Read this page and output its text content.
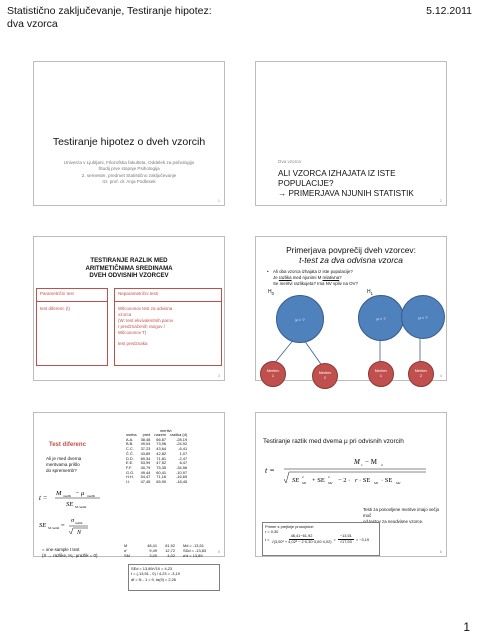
Statistično zaključevanje, Testiranje hipotez:
dva vzorca
5.12.2011
Testiranje hipotez o dveh vzorcih
Univerza v Ljubljani, Filozofska fakulteta, Oddelek za psihologijo
Študij prve stopnje Psihologija
2. semester, predmet Statistično zaključevanje
Izr. prof. dr. Anja Podlesek
1
Dva vzorca
ALI VZORCA IZHAJATA IZ ISTE
POPULACIJE?
→ PRIMERJAVA NJUNIH STATISTIK
2
TESTIRANJE RAZLIK MED
ARITMETIČNIMA SREDINAMA
DVEH ODVISNIH VZORCEV
Parametrični test
test diferenc (t)
Neparametrični testi
Wilcoxonov test za odvisna
vzorca
(W: test ekvivalentnih parov
/ predznačenih rangov /
Wilcoxonov T)
test predznaka
3
Primerjava povprečij dveh vzorcev:
t-test za dva odvisna vzorca
• Ali oba vzorca izhajata iz iste populacije?
Je razlika med njunimi M relativna?
Se meritvi razlikujeta? Ima NV vpliv na OV?
$H_0$	$H_1$
μ = ?	μ = ?	μ = ?
Meritev
1
Meritev
2
Meritev
1
Meritev
2	4
Test diferenc
Ali je med dvema
meritvama prišlo
do sprememb?
t =
M razlik − μ razlik
SE M razlik
SE M razlik =
σ razlik
N
= one-sample t test
(X → razlike, H₀: μrazlik = 0)
meritvi
oseba	pred	nazem	razlika (d)
A.A.	38,48	66,67	-28,19
B.B.	49,04	73,96	-24,92
C.C.	37,23	43,64	-6,41
Č.Č.	43,89	42,82	1,07
D.D.	69,34	71,81	-2,47
E.E.	53,99	47,52	6,47
F.F.	40,79	75,35	-34,56
G.G.	49,44	60,41	-10,97
H.H.	54,47	71,16	-16,69
I.I.	47,45	65,90	-18,45
M	48,41 61,92 Md = -13,51
σ'	9,49 12,72 SDd = -13,83
SM	3,00	4,02 σ'd = 13,89
SEd = 13,89/√10 = 4,23
t = (-13,51 - 0) / 4,23 = -3,19
df = N - 1 = 9, tα(9) = 2,26
5
Testiranje razlik med dvema μ pri odvisnih vzorcih
t =
M 1 − M 2
SE M1
2 + SE M2
2 − 2 · r · SE	M1 · SE	M2
Testi za ponovljene meritve imajo večjo moč
od testov za neodvisne vzorce.
Primer s prejšnje prosojnice:
r = 0,30
$t = \frac{48,41-61,92}{\text{√(3,00² + 4,02² − 2·0,30·3,00·4,02)}} = \frac{-13,51}{√17,93} = -3,19$
6
1
